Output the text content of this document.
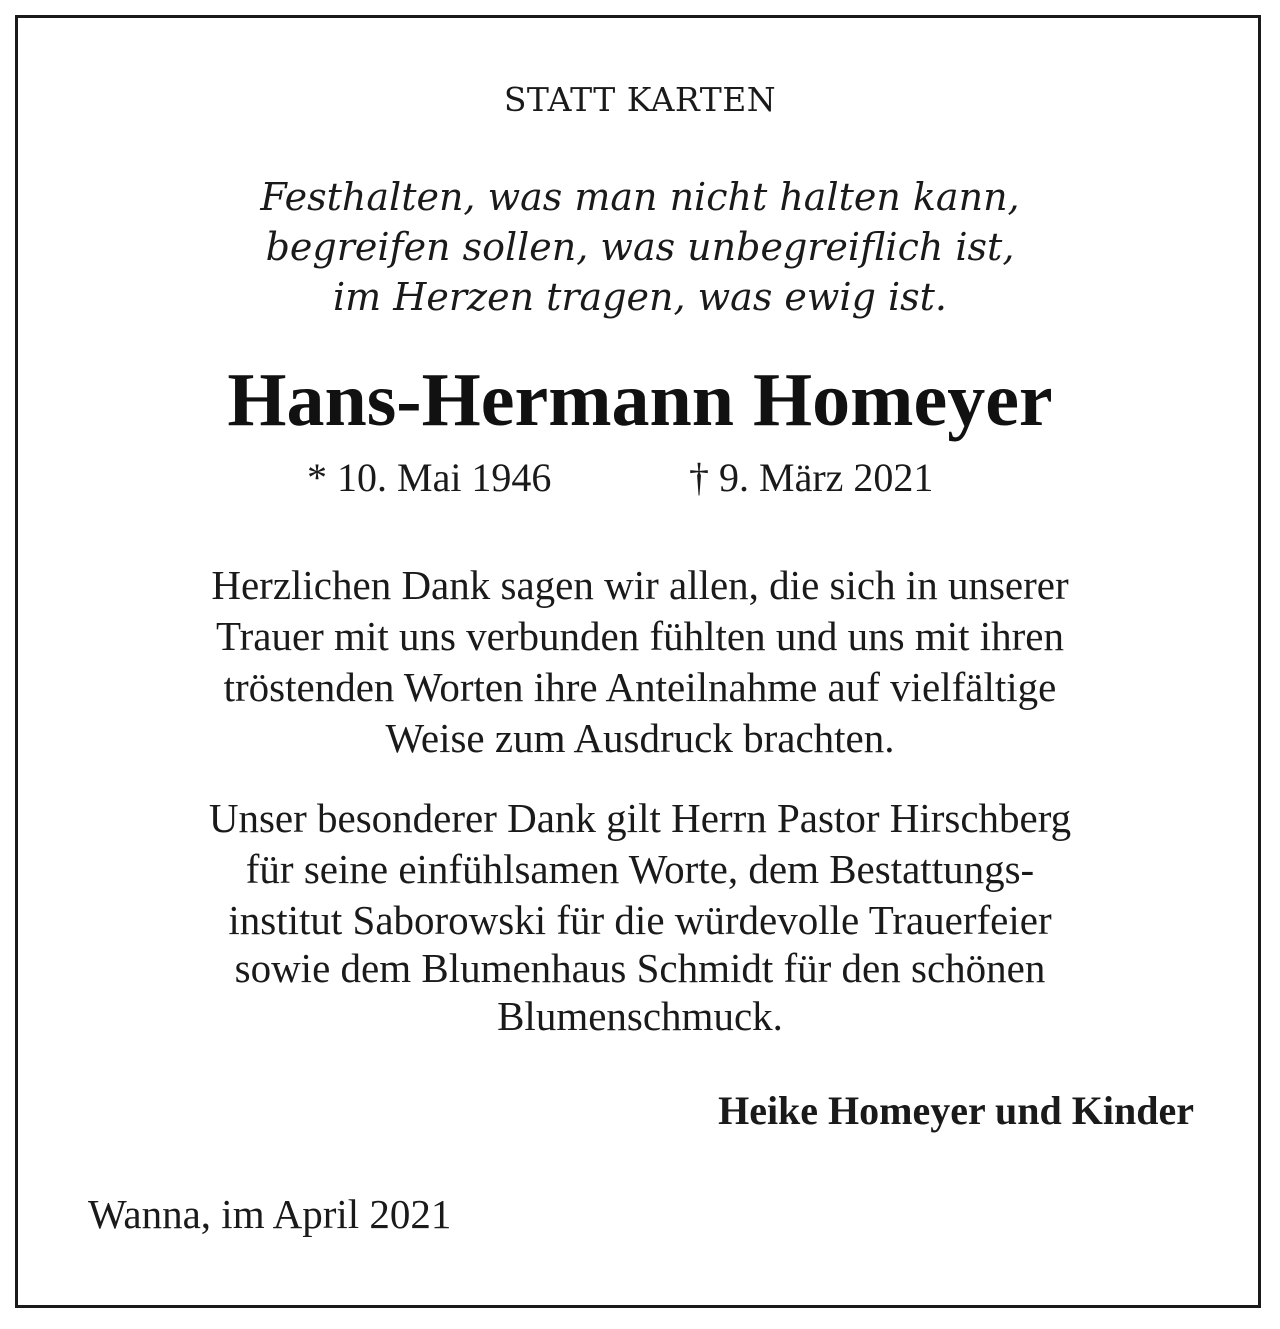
STATT KARTEN

Festhalten, was man nicht halten kann,

begreifen sollen, was unbegreiflich ist,

im Herzen tragen, was ewig ist.

Hans-Hermann Homeyer
* 10. Mai 1946	† 9. März 2021

Herzlichen Dank sagen wir allen, die sich in unserer

Trauer mit uns verbunden fühlten und uns mit ihren

tröstenden Worten ihre Anteilnahme auf vielfältige

Weise zum Ausdruck brachten.

Unser besonderer Dank gilt Herrn Pastor Hirschberg

für seine einfühlsamen Worte, dem Bestattungs-

institut Saborowski für die würdevolle Trauerfeier

sowie dem Blumenhaus Schmidt für den schönen

Blumenschmuck.

Heike Homeyer und Kinder
Wanna, im April 2021
